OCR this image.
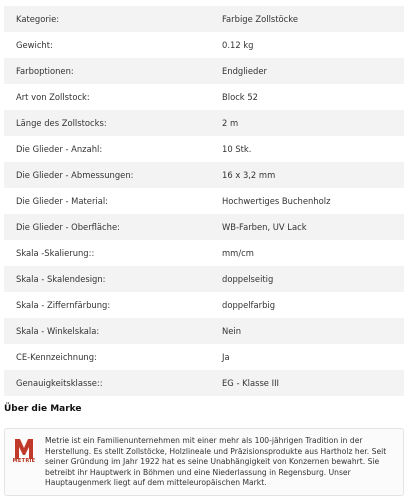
Kategorie:	Farbige Zollstöcke
Gewicht:	0.12 kg
Farboptionen:	Endglieder
Art von Zollstock:	Block 52
Länge des Zollstocks:	2 m
Die Glieder - Anzahl:	10 Stk.
Die Glieder - Abmessungen:	16 x 3,2 mm
Die Glieder - Material:	Hochwertiges Buchenholz
Die Glieder - Oberfläche:	WB-Farben, UV Lack
Skala -Skalierung::	mm/cm
Skala - Skalendesign:	doppelseitig
Skala - Ziffernfärbung:	doppelfarbig
Skala - Winkelskala:	Nein
CE-Kennzeichnung:	Ja
Genauigkeitsklasse::	EG - Klasse III
Über die Marke
METRIE
Metrie ist ein Familienunternehmen mit einer mehr als 100-jährigen Tradition in der Herstellung. Es stellt Zollstöcke, Holzlineale und Präzisionsprodukte aus Hartholz her. Seit seiner Gründung im Jahr 1922 hat es seine Unabhängigkeit von Konzernen bewahrt. Sie betreibt ihr Hauptwerk in Böhmen und eine Niederlassung in Regensburg. Unser Hauptaugenmerk liegt auf dem mitteleuropäischen Markt.
